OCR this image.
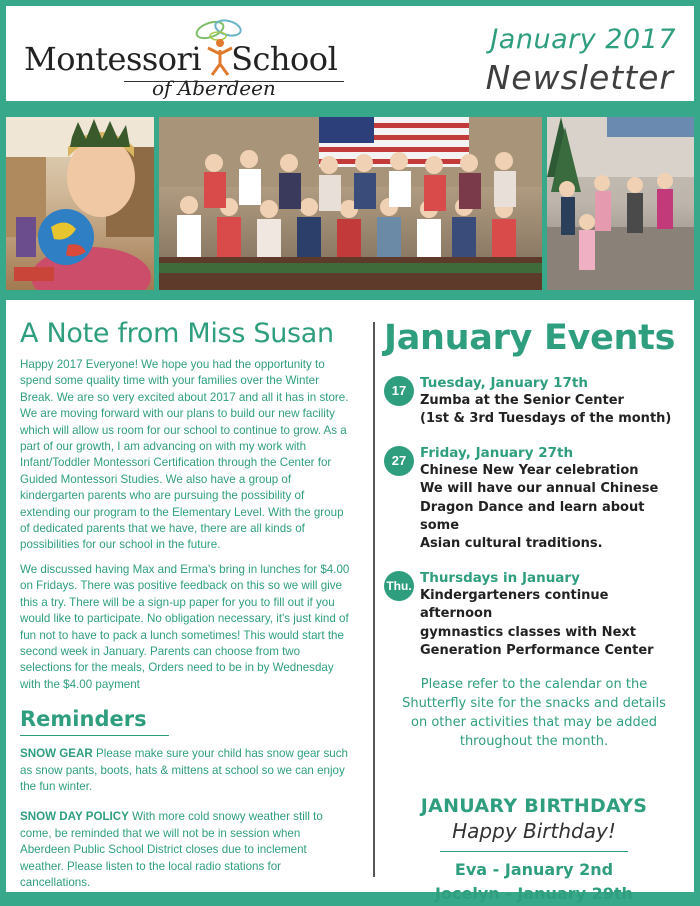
Montessori School
of Aberdeen
January 2017
Newsletter
A Note from Miss Susan

Happy 2017 Everyone! We hope you had the opportunity to spend some quality time with your families over the Winter Break. We are so very excited about 2017 and all it has in store. We are moving forward with our plans to build our new facility which will allow us room for our school to continue to grow. As a part of our growth, I am advancing on with my work with Infant/Toddler Montessori Certification through the Center for Guided Montessori Studies. We also have a group of kindergarten parents who are pursuing the possibility of extending our program to the Elementary Level. With the group of dedicated parents that we have, there are all kinds of possibilities for our school in the future.

We discussed having Max and Erma's bring in lunches for $4.00 on Fridays. There was positive feedback on this so we will give this a try. There will be a sign-up paper for you to fill out if you would like to participate. No obligation necessary, it's just kind of fun not to have to pack a lunch sometimes! This would start the second week in January. Parents can choose from two selections for the meals, Orders need to be in by Wednesday with the $4.00 payment

Reminders

SNOW GEAR Please make sure your child has snow gear such as snow pants, boots, hats & mittens at school so we can enjoy the fun winter.

SNOW DAY POLICY With more cold snowy weather still to come, be reminded that we will not be in session when Aberdeen Public School District closes due to inclement weather. Please listen to the local radio stations for cancellations.

January Events
17	Tuesday, January 17th
Zumba at the Senior Center
(1st & 3rd Tuesdays of the month)
27	Friday, January 27th
Chinese New Year celebration
We will have our annual Chinese
Dragon Dance and learn about some
Asian cultural traditions.
Thu. Thursdays in January
Kindergarteners continue afternoon
gymnastics classes with Next
Generation Performance Center

Please refer to the calendar on the Shutterfly site for the snacks and details on other activities that may be added throughout the month.

JANUARY BIRTHDAYS
Happy Birthday!
Eva - January 2nd
Jocelyn - January 29th
